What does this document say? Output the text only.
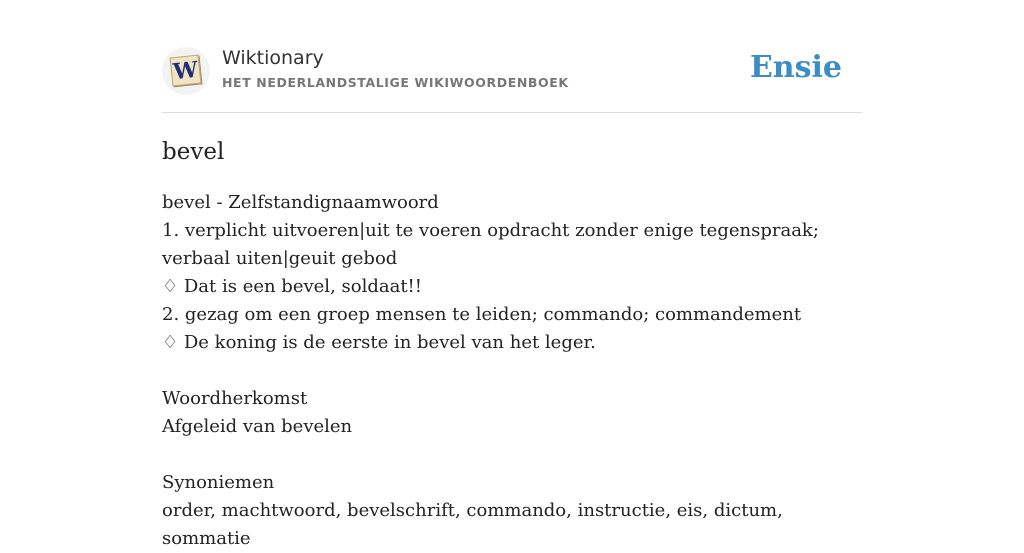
W Wiktionary
HET NEDERLANDSTALIGE WIKIWOORDENBOEK	Ensie
bevel
bevel - Zelfstandignaamwoord
1. verplicht uitvoeren|uit te voeren opdracht zonder enige tegenspraak; verbaal uiten|geuit gebod
♢ Dat is een bevel, soldaat!!
2. gezag om een groep mensen te leiden; commando; commandement
♢ De koning is de eerste in bevel van het leger.
Woordherkomst
Afgeleid van bevelen
Synoniemen
order, machtwoord, bevelschrift, commando, instructie, eis, dictum, sommatie
